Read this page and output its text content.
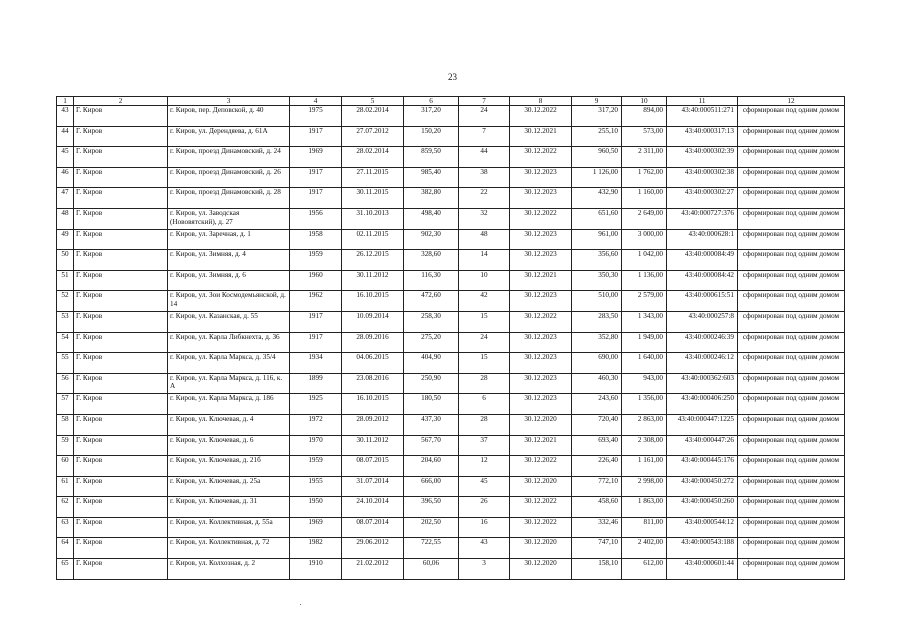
23
1	2	3	4	5	6	7	8	9	10	11	12
43	Г. Киров	г. Киров, пер. Деповской, д. 40	1975	28.02.2014	317,20	24	30.12.2022	317,20	894,00	43:40:000511:271	сформирован под одним домом
44	Г. Киров	г. Киров, ул. Дерендяева, д. 61А	1917	27.07.2012	150,20	7	30.12.2021	255,10	573,00	43:40:000317:13	сформирован под одним домом
45	Г. Киров	г. Киров, проезд Динамовский, д. 24	1969	28.02.2014	859,50	44	30.12.2022	960,50	2 311,00	43:40:000302:39	сформирован под одним домом
46	Г. Киров	г. Киров, проезд Динамовский, д. 26	1917	27.11.2015	985,40	38	30.12.2023	1 126,00	1 762,00	43:40:000302:38	сформирован под одним домом
47	Г. Киров	г. Киров, проезд Динамовский, д. 28	1917	30.11.2015	382,80	22	30.12.2023	432,90	1 160,00	43:40:000302:27	сформирован под одним домом
48	Г. Киров	г. Киров, ул. Заводская (Нововятский), д. 27	1956	31.10.2013	498,40	32	30.12.2022	651,60	2 649,00	43:40:000727:376	сформирован под одним домом
49	Г. Киров	г. Киров, ул. Заречная, д. 1	1958	02.11.2015	902,30	48	30.12.2023	961,00	3 000,00	43:40:000628:1	сформирован под одним домом
50	Г. Киров	г. Киров, ул. Зимняя, д. 4	1959	26.12.2015	328,60	14	30.12.2023	356,60	1 042,00	43:40:000084:49	сформирован под одним домом
51	Г. Киров	г. Киров, ул. Зимняя, д. 6	1960	30.11.2012	116,30	10	30.12.2021	350,30	1 136,00	43:40:000084:42	сформирован под одним домом
52	Г. Киров	г. Киров, ул. Зои Космодемьянской, д. 14	1962	16.10.2015	472,60	42	30.12.2023	510,00	2 579,00	43:40:000615:51	сформирован под одним домом
53	Г. Киров	г. Киров, ул. Казанская, д. 55	1917	10.09.2014	258,30	15	30.12.2022	283,50	1 343,00	43:40:000257:8	сформирован под одним домом
54	Г. Киров	г. Киров, ул. Карла Либкнехта, д. 36	1917	28.09.2016	275,20	24	30.12.2023	352,80	1 949,00	43:40:000246:39	сформирован под одним домом
55	Г. Киров	г. Киров, ул. Карла Маркса, д. 35/4	1934	04.06.2015	404,90	15	30.12.2023	690,00	1 640,00	43:40:000246:12	сформирован под одним домом
56	Г. Киров	г. Киров, ул. Карла Маркса, д. 116, к. А	1899	23.08.2016	250,90	28	30.12.2023	460,30	943,00	43:40:000362:603	сформирован под одним домом
57	Г. Киров	г. Киров, ул. Карла Маркса, д. 186	1925	16.10.2015	180,50	6	30.12.2023	243,60	1 356,00	43:40:000406:250	сформирован под одним домом
58	Г. Киров	г. Киров, ул. Ключевая, д. 4	1972	28.09.2012	437,30	28	30.12.2020	720,40	2 863,00	43:40:000447:1225	сформирован под одним домом
59	Г. Киров	г. Киров, ул. Ключевая, д. 6	1970	30.11.2012	567,70	37	30.12.2021	693,40	2 308,00	43:40:000447:26	сформирован под одним домом
60	Г. Киров	г. Киров, ул. Ключевая, д. 21б	1959	08.07.2015	204,60	12	30.12.2022	226,40	1 161,00	43:40:000445:176	сформирован под одним домом
61	Г. Киров	г. Киров, ул. Ключевая, д. 25а	1955	31.07.2014	666,00	45	30.12.2020	772,10	2 998,00	43:40:000450:272	сформирован под одним домом
62	Г. Киров	г. Киров, ул. Ключевая, д. 31	1950	24.10.2014	396,50	26	30.12.2022	458,60	1 863,00	43:40:000450:260	сформирован под одним домом
63	Г. Киров	г. Киров, ул. Коллективная, д. 55а	1969	08.07.2014	202,50	16	30.12.2022	332,46	811,00	43:40:000544:12	сформирован под одним домом
64	Г. Киров	г. Киров, ул. Коллективная, д. 72	1982	29.06.2012	722,55	43	30.12.2020	747,10	2 402,00	43:40:000543:188	сформирован под одним домом
65	Г. Киров	г. Киров, ул. Колхозная, д. 2	1910	21.02.2012	60,06	3	30.12.2020	158,10	612,00	43:40:000601:44	сформирован под одним домом
